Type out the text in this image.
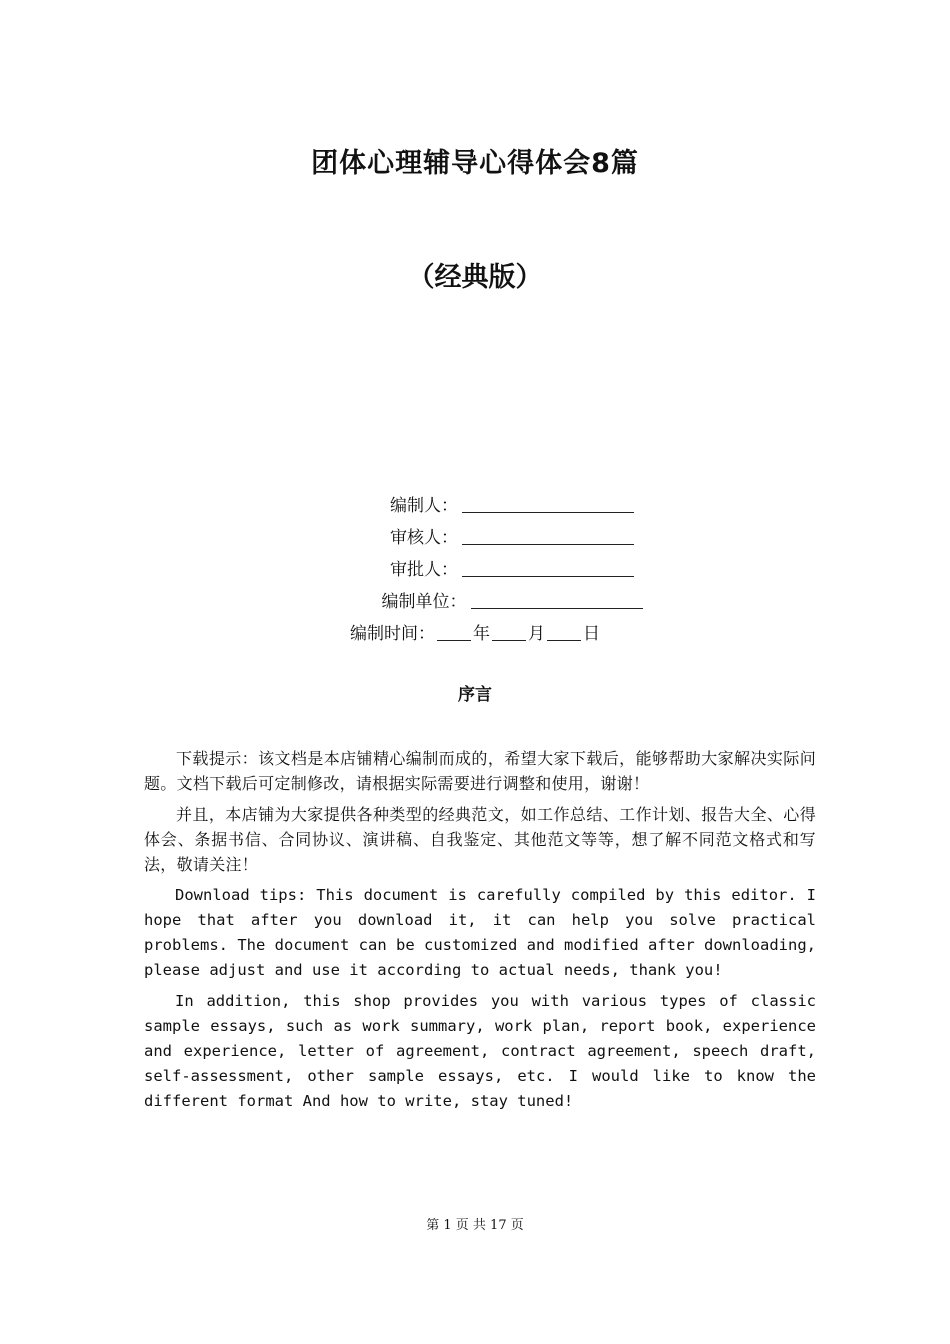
团体心理辅导心得体会8篇
（经典版）
编制人：
审核人：
审批人：
编制单位：
编制时间： 年 月 日
序言

下载提示：该文档是本店铺精心编制而成的，希望大家下载后，能够帮助大家解决实际问题。文档下载后可定制修改，请根据实际需要进行调整和使用，谢谢！

并且，本店铺为大家提供各种类型的经典范文，如工作总结、工作计划、报告大全、心得体会、条据书信、合同协议、演讲稿、自我鉴定、其他范文等等，想了解不同范文格式和写法，敬请关注！

Download tips: This document is carefully compiled by this editor. I hope that after you download it, it can help you solve practical problems. The document can be customized and modified after downloading, please adjust and use it according to actual needs, thank you!

In addition, this shop provides you with various types of classic sample essays, such as work summary, work plan, report book, experience and experience, letter of agreement, contract agreement, speech draft, self-assessment, other sample essays, etc. I would like to know the different format And how to write, stay tuned!

第 1 页 共 17 页
